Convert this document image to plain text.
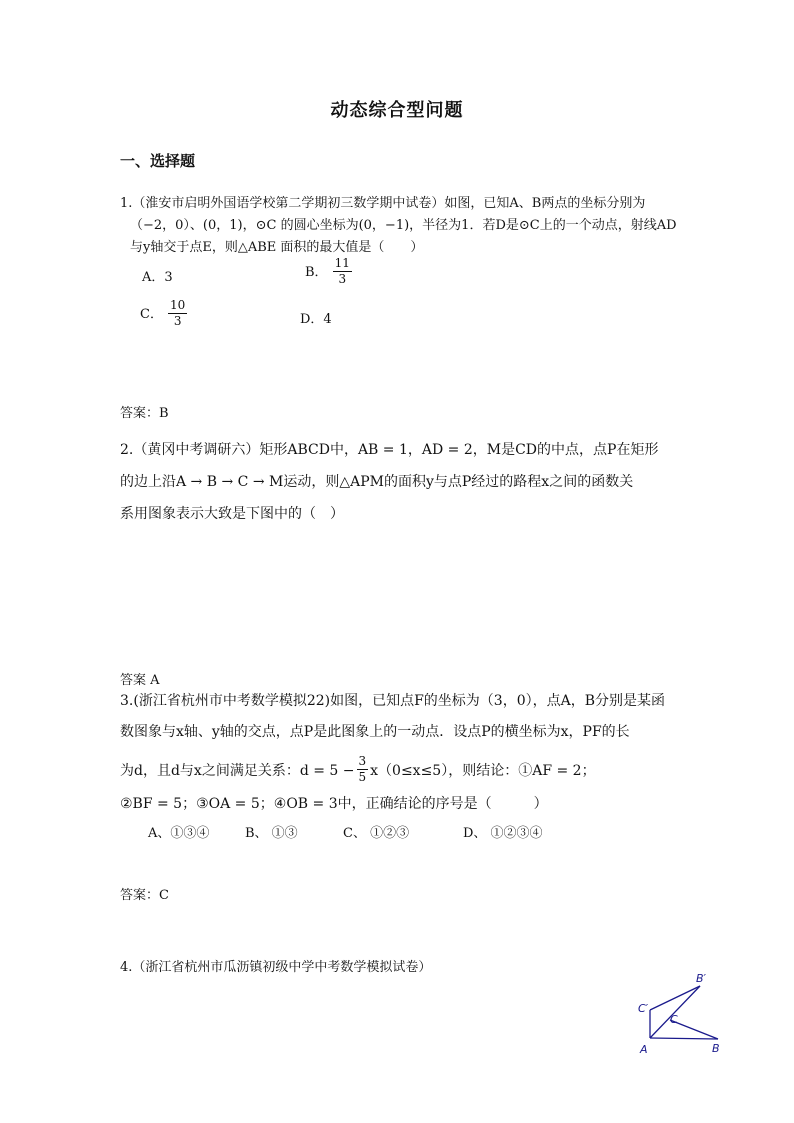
动态综合型问题
一、选择题
1.（淮安市启明外国语学校第二学期初三数学期中试卷）如图，已知A、B两点的坐标分别为
（−2，0）、(0，1)，⊙C 的圆心坐标为(0，−1)，半径为1．若D是⊙C上的一个动点，射线AD
与y轴交于点E，则△ABE 面积的最大值是（　　）
A．3	B． $\frac{11}{3}$
C． $\frac{10}{3}$	D．4
答案：B
2.（黄冈中考调研六）矩形ABCD中，AB = 1，AD = 2，M是CD的中点，点P在矩形
的边上沿A → B → C → M运动，则△APM的面积y与点P经过的路程x之间的函数关
系用图象表示大致是下图中的（　）
答案 A
3.(浙江省杭州市中考数学模拟22)如图，已知点F的坐标为（3，0），点A，B分别是某函
数图象与x轴、y轴的交点，点P是此图象上的一动点．设点P的横坐标为x，PF的长
为d，且d与x之间满足关系：$d = 5 - \frac{3}{5} x(0\le x\le 5)$，则结论：①AF = 2；
②BF = 5；③OA = 5；④OB = 3中，正确结论的序号是（　　　）
A、①③④	B、 ①③	C、 ①②③	D、 ①②③④
答案：C
4.（浙江省杭州市瓜沥镇初级中学中考数学模拟试卷）
B′
C′
C
A	B
